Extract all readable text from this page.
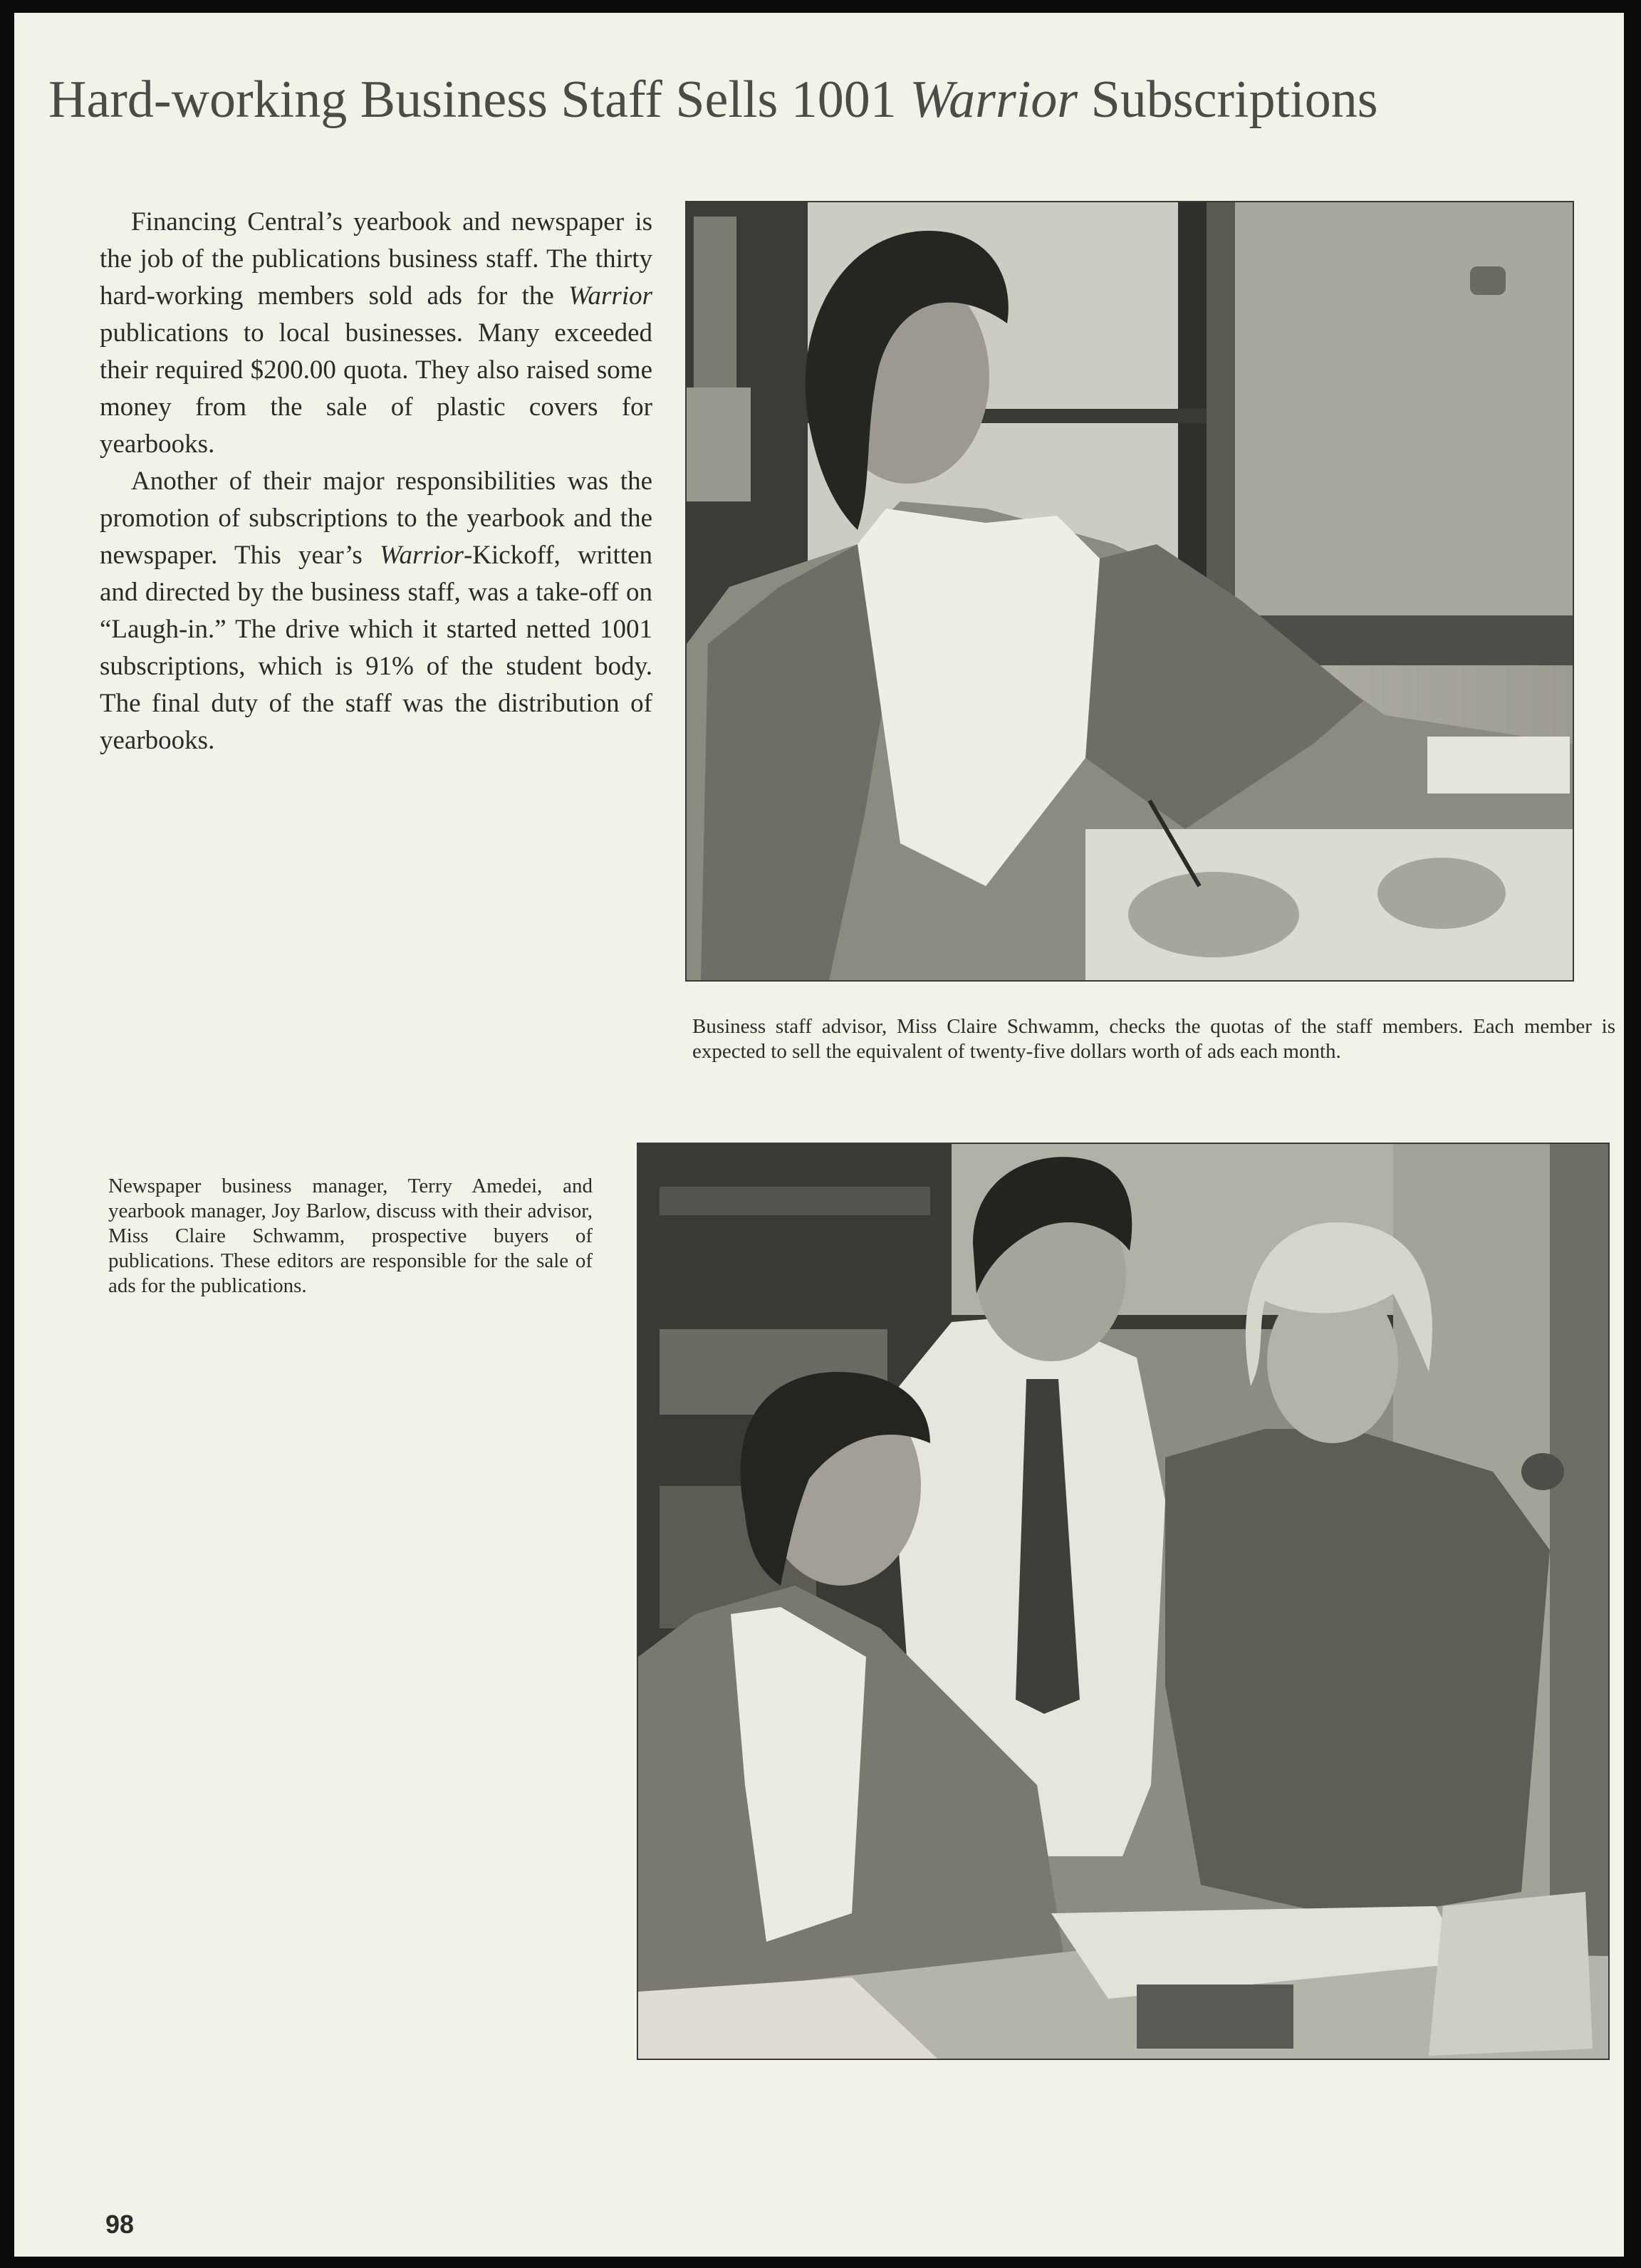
Hard-working Business Staff Sells 1001 Warrior Subscriptions

Financing Central’s yearbook and newspaper is the job of the publications business staff. The thirty hard-working members sold ads for the Warrior publications to local businesses. Many exceeded their required $200.00 quota. They also raised some money from the sale of plastic covers for yearbooks.

Another of their major responsibilities was the promotion of subscriptions to the yearbook and the newspaper. This year’s Warrior-Kickoff, written and directed by the business staff, was a take-off on “Laugh-in.” The drive which it started netted 1001 subscriptions, which is 91% of the student body. The final duty of the staff was the distribution of yearbooks.

Business staff advisor, Miss Claire Schwamm, checks the quotas of the staff members. Each member is expected to sell the equivalent of twenty-five dollars worth of ads each month.
Newspaper business manager, Terry Amedei, and yearbook manager, Joy Barlow, discuss with their advisor, Miss Claire Schwamm, prospective buyers of publications. These editors are responsible for the sale of ads for the publications.
98
